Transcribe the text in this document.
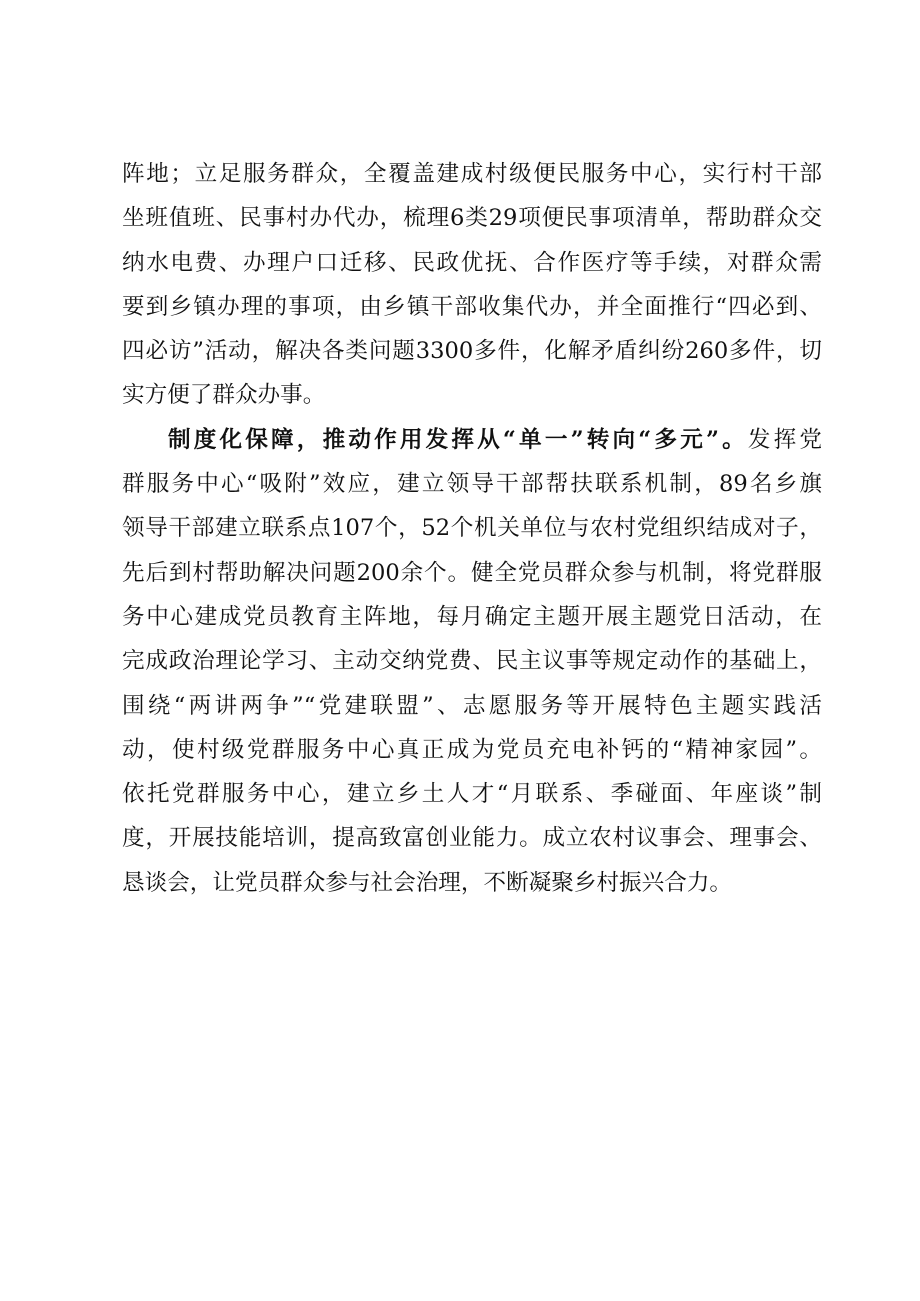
阵地；立足服务群众，全覆盖建成村级便民服务中心，实行村干部
坐班值班、民事村办代办，梳理6类29项便民事项清单，帮助群众交
纳水电费、办理户口迁移、民政优抚、合作医疗等手续，对群众需
要到乡镇办理的事项，由乡镇干部收集代办，并全面推行“四必到、
四必访”活动，解决各类问题3300多件，化解矛盾纠纷260多件，切
实方便了群众办事。
制度化保障，推动作用发挥从“单一”转向“多元”。发挥党
群服务中心“吸附”效应，建立领导干部帮扶联系机制，89名乡旗
领导干部建立联系点107个，52个机关单位与农村党组织结成对子，
先后到村帮助解决问题200余个。健全党员群众参与机制，将党群服
务中心建成党员教育主阵地，每月确定主题开展主题党日活动，在
完成政治理论学习、主动交纳党费、民主议事等规定动作的基础上，
围绕“两讲两争”“党建联盟”、志愿服务等开展特色主题实践活
动，使村级党群服务中心真正成为党员充电补钙的“精神家园”。
依托党群服务中心，建立乡土人才“月联系、季碰面、年座谈”制
度，开展技能培训，提高致富创业能力。成立农村议事会、理事会、
恳谈会，让党员群众参与社会治理，不断凝聚乡村振兴合力。
